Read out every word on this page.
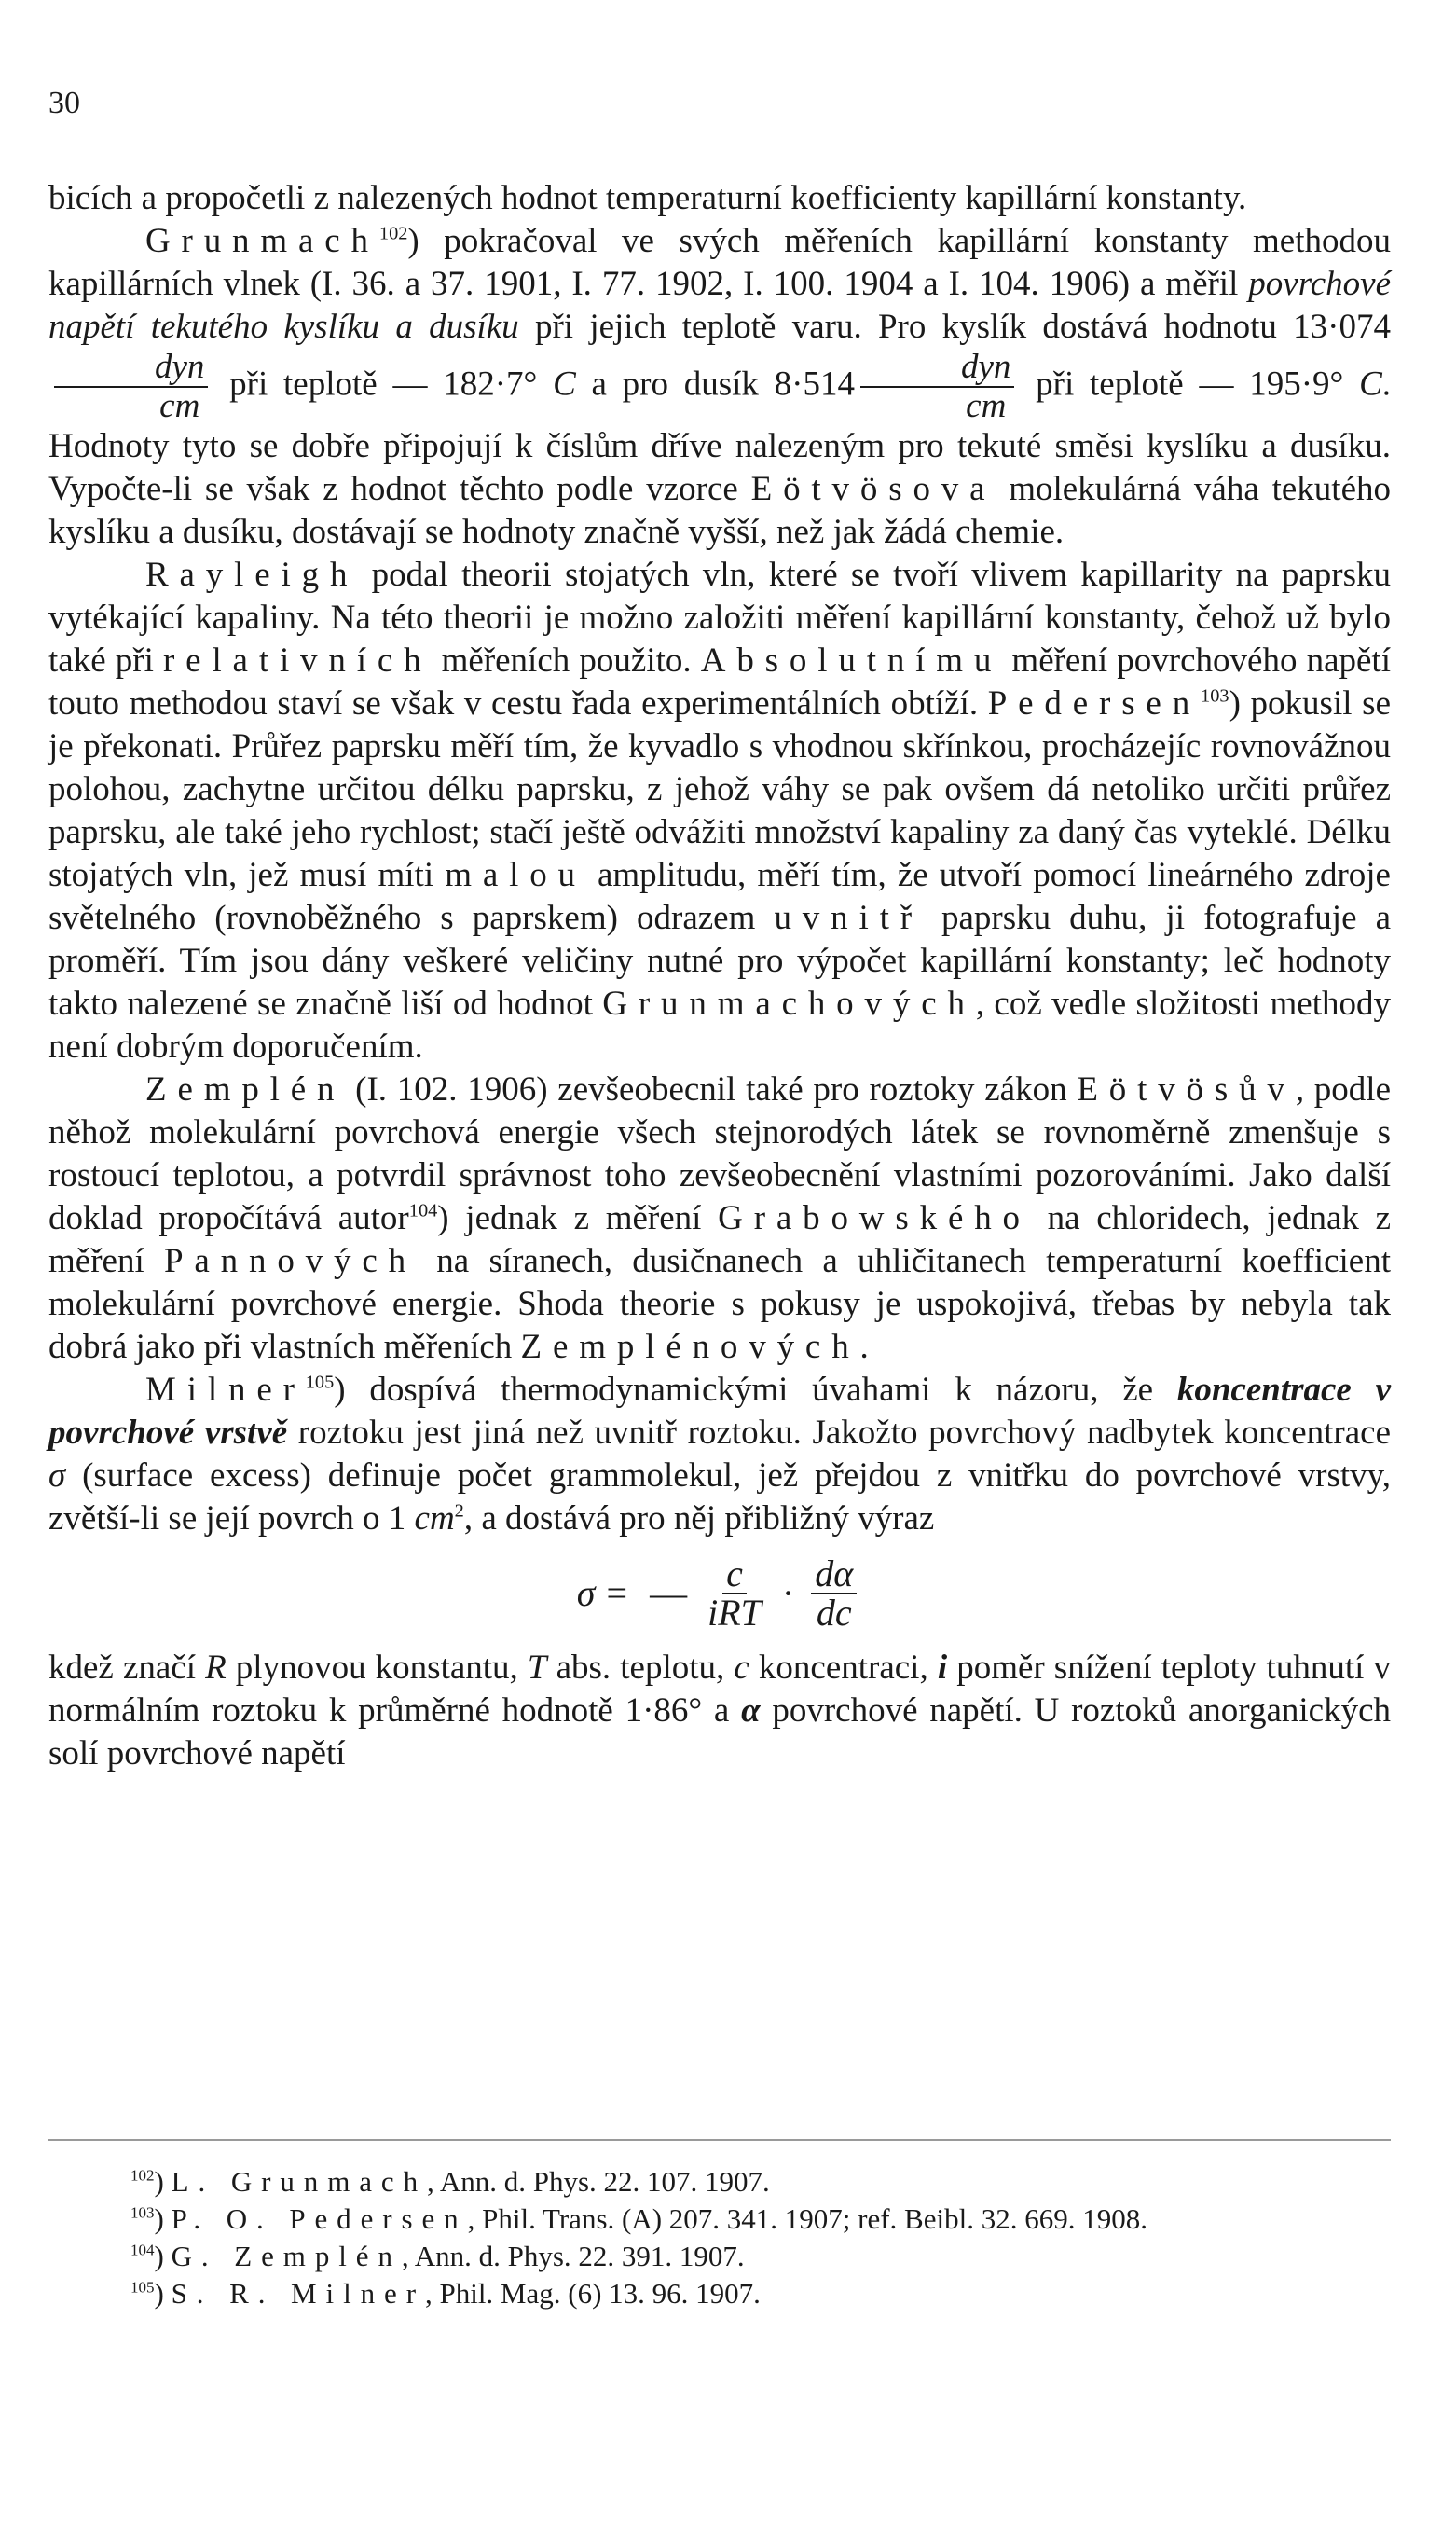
30

bicích a propočetli z nalezených hodnot temperaturní koefficienty kapillární konstanty.

Grunmach$^{102}$) pokračoval ve svých měřeních kapillární konstanty methodou kapillárních vlnek (I. 36. a 37. 1901, I. 77. 1902, I. 100. 1904 a I. 104. 1906) a měřil povrchové napětí tekutého kyslíku a dusíku při jejich teplotě varu. Pro kyslík dostává hodnotu 13·074
$\frac{\text{dyn}}{cm}$ při teplotě — 182·7° C a pro dusík $8\cdot 514 \frac{\text{dyn}}{cm}$ při teplotě — 195·9° C. Hodnoty tyto se dobře připojují k číslům dříve nalezeným pro tekuté směsi kyslíku a dusíku. Vypočte-li se však z hodnot těchto podle vzorce Eötvösova molekulárná váha tekutého kyslíku a dusíku, dostávají se hodnoty značně vyšší, než jak žádá chemie.

Rayleigh podal theorii stojatých vln, které se tvoří vlivem kapillarity na paprsku vytékající kapaliny. Na této theorii je možno založiti měření kapillární konstanty, čehož už bylo také při relativních měřeních použito. Absolutnímu měření povrchového napětí touto methodou staví se však v cestu řada experimentálních obtíží. Pedersen$^{103}$) pokusil se je překonati. Průřez paprsku měří tím, že kyvadlo s vhodnou skřínkou, procházejíc rovnovážnou polohou, zachytne určitou délku paprsku, z jehož váhy se pak ovšem dá netoliko určiti průřez paprsku, ale také jeho rychlost; stačí ještě odvážiti množství kapaliny za daný čas vyteklé. Délku stojatých vln, jež musí míti malou amplitudu, měří tím, že utvoří pomocí lineárného zdroje světelného (rovnoběžného s paprskem) odrazem uvnitř paprsku duhu, ji fotografuje a proměří. Tím jsou dány veškeré veličiny nutné pro výpočet kapillární konstanty; leč hodnoty takto nalezené se značně liší od hodnot Grunmachových, což vedle složitosti methody není dobrým doporučením.

Zemplén (I. 102. 1906) zevšeobecnil také pro roztoky zákon Eötvösův, podle něhož molekulární povrchová energie všech stejnorodých látek se rovnoměrně zmenšuje s rostoucí teplotou, a potvrdil správnost toho zevšeobecnění vlastními pozorováními. Jako další doklad propočítává autor$^{104}$) jednak z měření Grabowského na chloridech, jednak z měření Pannových na síranech, dusičnanech a uhličitanech temperaturní koefficient molekulární povrchové energie. Shoda theorie s pokusy je uspokojivá, třebas by nebyla tak dobrá jako při vlastních měřeních Zemplénových.

Milner$^{105}$) dospívá thermodynamickými úvahami k názoru, že koncentrace v povrchové vrstvě roztoku jest jiná než uvnitř roztoku. Jakožto povrchový nadbytek koncentrace σ (surface excess) definuje počet grammolekul, jež přejdou z vnitřku do povrchové vrstvy, zvětší-li se její povrch o 1 $cm^2$, a dostává pro něj přibližný výraz

σ = — $\frac{c}{\text{iRT}} \cdot \frac{d\alpha}{dc}$

kdež značí R plynovou konstantu, T abs. teplotu, c koncentraci, i poměr snížení teploty tuhnutí v normálním roztoku k průměrné hodnotě 1·86° a α povrchové napětí. U roztoků anorganických solí povrchové napětí

$^{102}$) L. Grunmach, Ann. d. Phys. 22. 107. 1907.

$^{103}$) P. O. Pedersen, Phil. Trans. (A) 207. 341. 1907; ref. Beibl. 32. 669. 1908.

$^{104}$) G. Zemplén, Ann. d. Phys. 22. 391. 1907.

$^{105}$) S. R. Milner, Phil. Mag. (6) 13. 96. 1907.
